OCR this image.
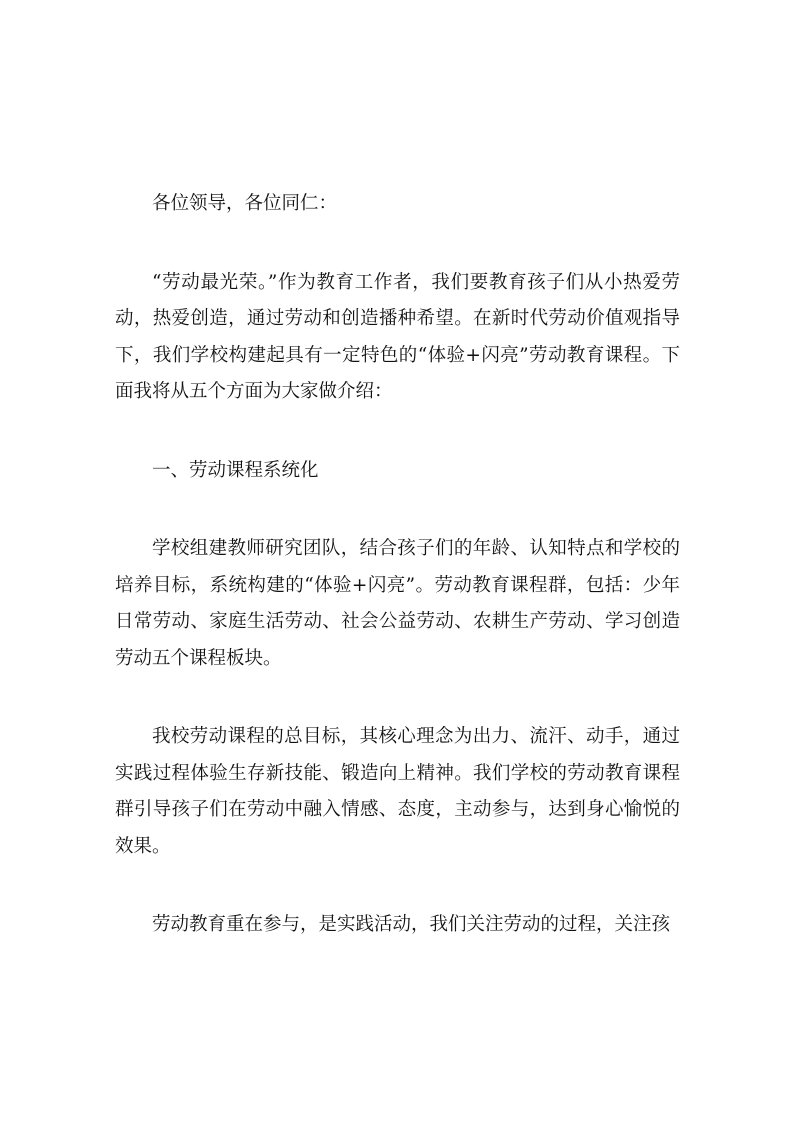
各位领导，各位同仁：

“劳动最光荣。”作为教育工作者，我们要教育孩子们从小热爱劳动，热爱创造，通过劳动和创造播种希望。在新时代劳动价值观指导下，我们学校构建起具有一定特色的“体验+闪亮”劳动教育课程。下面我将从五个方面为大家做介绍：

一、劳动课程系统化

学校组建教师研究团队，结合孩子们的年龄、认知特点和学校的培养目标，系统构建的“体验+闪亮”。劳动教育课程群，包括：少年日常劳动、家庭生活劳动、社会公益劳动、农耕生产劳动、学习创造劳动五个课程板块。

我校劳动课程的总目标，其核心理念为出力、流汗、动手，通过实践过程体验生存新技能、锻造向上精神。我们学校的劳动教育课程群引导孩子们在劳动中融入情感、态度，主动参与，达到身心愉悦的效果。

劳动教育重在参与，是实践活动，我们关注劳动的过程，关注孩
